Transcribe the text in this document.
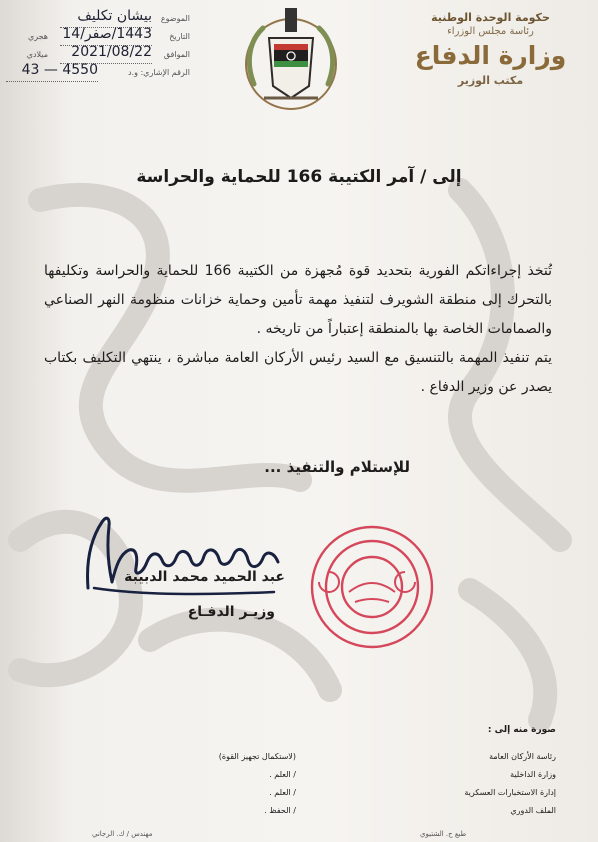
حكومة الوحدة الوطنية
رئاسة مجلس الوزراء
وزارة الدفاع
مكتب الوزير
الموضوع
بيشان تكليف
التاريخ
1443/صفر/14
هجري
الموافق
2021/08/22
ميلادي
الرقم الإشاري: و.د
4550 — 43
إلى / آمر الكتيبة 166 للحماية والحراسة

تُتخذ إجراءاتكم الفورية بتحديد قوة مُجهزة من الكتيبة 166 للحماية والحراسة وتكليفها بالتحرك إلى منطقة الشويرف لتنفيذ مهمة تأمين وحماية خزانات منظومة النهر الصناعي والصمامات الخاصة بها بالمنطقة إعتباراً من تاريخه .

يتم تنفيذ المهمة بالتنسيق مع السيد رئيس الأركان العامة مباشرة ، ينتهي التكليف بكتاب يصدر عن وزير الدفاع .

للإستلام والتنفيذ ...
عبد الحميد محمد الدبيبة
وزيـر الدفـاع
صورة منه إلى :
رئاسة الأركان العامة
(لاستكمال تجهيز القوة)
وزارة الداخلية
/ العلم .
إدارة الاستخبارات العسكرية
/ العلم .
الملف الدوري
/ الحفظ .
مهندس / ك. الرجاني	طبع ح. الشتيوي
